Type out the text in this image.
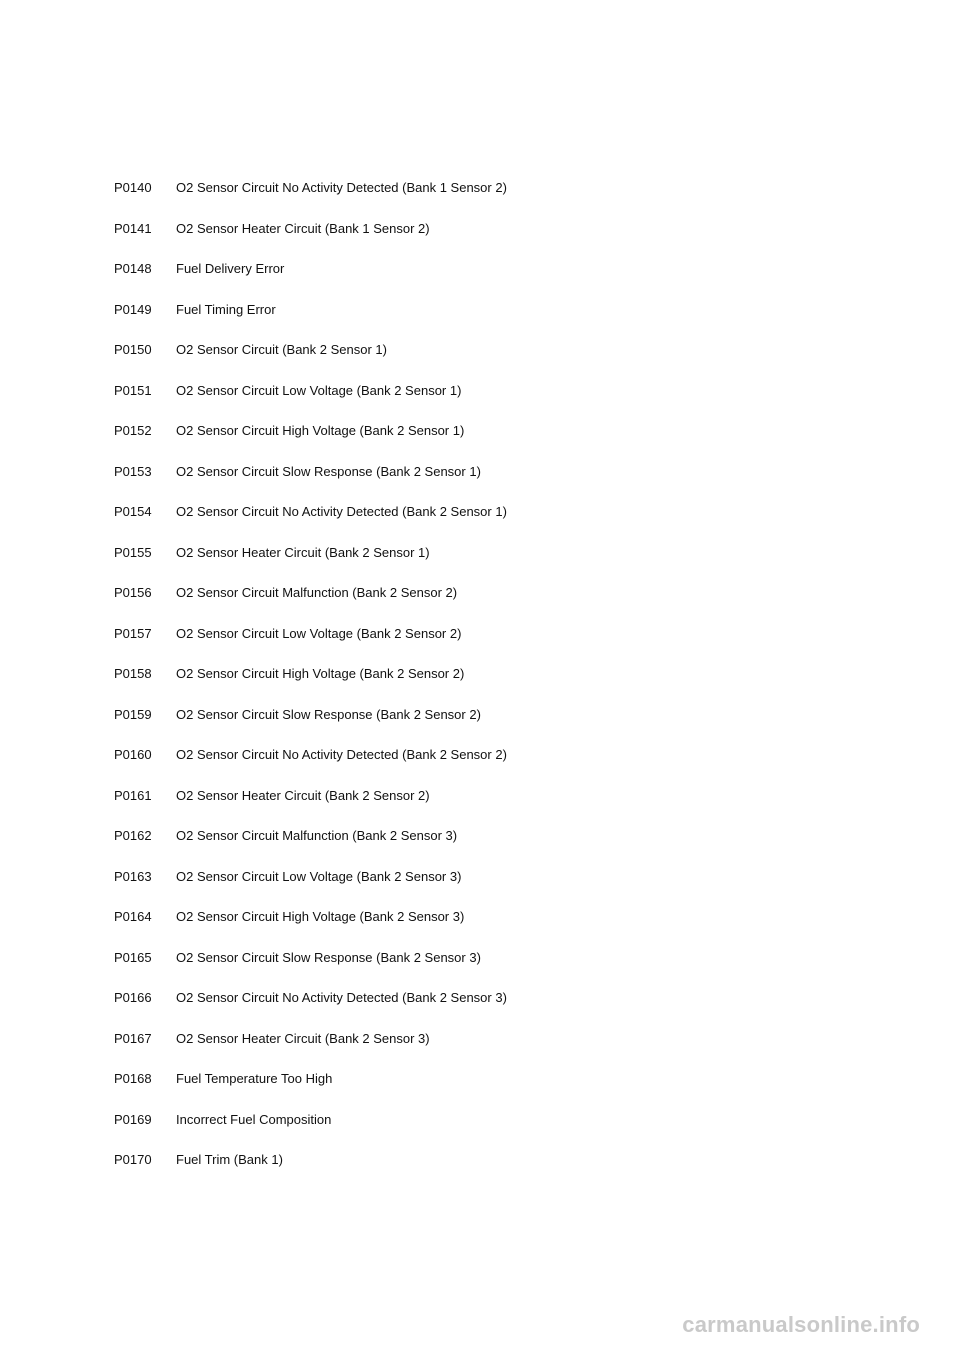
P0140	O2 Sensor Circuit No Activity Detected (Bank 1 Sensor 2)
P0141	O2 Sensor Heater Circuit (Bank 1 Sensor 2)
P0148	Fuel Delivery Error
P0149	Fuel Timing Error
P0150	O2 Sensor Circuit (Bank 2 Sensor 1)
P0151	O2 Sensor Circuit Low Voltage (Bank 2 Sensor 1)
P0152	O2 Sensor Circuit High Voltage (Bank 2 Sensor 1)
P0153	O2 Sensor Circuit Slow Response (Bank 2 Sensor 1)
P0154	O2 Sensor Circuit No Activity Detected (Bank 2 Sensor 1)
P0155	O2 Sensor Heater Circuit (Bank 2 Sensor 1)
P0156	O2 Sensor Circuit Malfunction (Bank 2 Sensor 2)
P0157	O2 Sensor Circuit Low Voltage (Bank 2 Sensor 2)
P0158	O2 Sensor Circuit High Voltage (Bank 2 Sensor 2)
P0159	O2 Sensor Circuit Slow Response (Bank 2 Sensor 2)
P0160	O2 Sensor Circuit No Activity Detected (Bank 2 Sensor 2)
P0161	O2 Sensor Heater Circuit (Bank 2 Sensor 2)
P0162	O2 Sensor Circuit Malfunction (Bank 2 Sensor 3)
P0163	O2 Sensor Circuit Low Voltage (Bank 2 Sensor 3)
P0164	O2 Sensor Circuit High Voltage (Bank 2 Sensor 3)
P0165	O2 Sensor Circuit Slow Response (Bank 2 Sensor 3)
P0166	O2 Sensor Circuit No Activity Detected (Bank 2 Sensor 3)
P0167	O2 Sensor Heater Circuit (Bank 2 Sensor 3)
P0168	Fuel Temperature Too High
P0169	Incorrect Fuel Composition
P0170	Fuel Trim (Bank 1)
carmanualsonline.info
